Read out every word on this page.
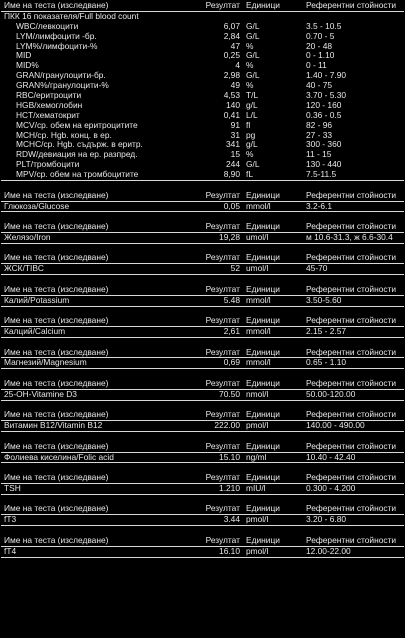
Име на теста (изследване)	Резултат Единици	Референтни стойности
ПКК 16 показателя/Full blood count
WBC/левкоцити	6,07 G/L	3.5 - 10.5
LYM/лимфоцити -бр.	2,84 G/L	0.70 - 5
LYM%/лимфоцити-%	47 %	20 - 48
MID	0,25 G/L	0 - 1.10
MID%	4 %	0 - 11
GRAN/гранулоцити-бр.	2,98 G/L	1.40 - 7.90
GRAN%/гранулоцити-%	49 %	40 - 75
RBC/еритроцити	4,53 T/L	3.70 - 5.30
HGB/хемоглобин	140 g/L	120 - 160
HCT/хематокрит	0,41 L/L	0.36 - 0.5
MCV/ср. обем на еритроцитите	91 fl	82 - 96
MCH/ср. Hgb. конц. в ер.	31 pg	27 - 33
MCHC/ср. Hgb. съдърж. в еритр.	341 g/L	300 - 360
RDW/девиация на ер. разпред.	15 %	11 - 15
PLT/тромбоцити	244 G/L	130 - 440
MPV/ср. обем на тромбоцитите	8,90 fL	7.5-11.5
Име на теста (изследване)	Резултат Единици	Референтни стойности
Глюкоза/Glucose	0,05 mmol/l	3.2-6.1
Име на теста (изследване)	Резултат Единици	Референтни стойности
Желязо/Iron	19,28 umol/l	м 10.6-31.3, ж 6.6-30.4
Име на теста (изследване)	Резултат Единици	Референтни стойности
ЖСК/TIBC	52 umol/l	45-70
Име на теста (изследване)	Резултат Единици	Референтни стойности
Калий/Potassium	5.48 mmol/l	3.50-5.60
Име на теста (изследване)	Резултат Единици	Референтни стойности
Калций/Calcium	2,61 mmol/l	2.15 - 2.57
Име на теста (изследване)	Резултат Единици	Референтни стойности
Магнезий/Magnesium	0,69 mmol/l	0.65 - 1.10
Име на теста (изследване)	Резултат Единици	Референтни стойности
25-OH-Vitamine D3	70.50 nmol/l	50.00-120.00
Име на теста (изследване)	Резултат Единици	Референтни стойности
Витамин B12/Vitamin B12	222.00 pmol/l	140.00 - 490.00
Име на теста (изследване)	Резултат Единици	Референтни стойности
Фолиева киселина/Folic acid	15.10 ng/ml	10.40 - 42.40
Име на теста (изследване)	Резултат Единици	Референтни стойности
TSH	1.210 mIU/l	0.300 - 4.200
Име на теста (изследване)	Резултат Единици	Референтни стойности
fT3	3.44 pmol/l	3.20 - 6.80
Име на теста (изследване)	Резултат Единици	Референтни стойности
fT4	16.10 pmol/l	12.00-22.00
